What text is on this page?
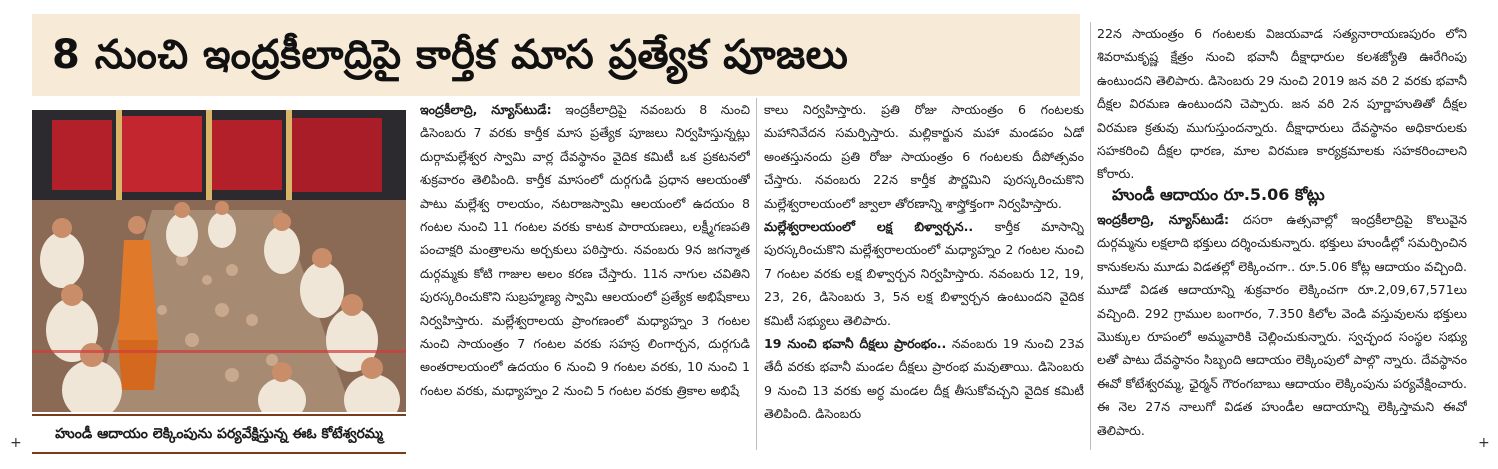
8 నుంచి ఇంద్రకీలాద్రిపై కార్తీక మాస ప్రత్యేక పూజలు
హుండీ ఆదాయం లెక్కింపును పర్యవేక్షిస్తున్న ఈఓ కోటేశ్వరమ్మ

ఇంద్రకీలాద్రి, న్యూస్‌టుడే: ఇంద్రకీలాద్రిపై నవంబరు 8 నుంచి డిసెంబరు 7 వరకు కార్తీక మాస ప్రత్యేక పూజలు నిర్వహిస్తున్నట్లు దుర్గామల్లేశ్వర స్వామి వార్ల దేవస్థానం వైదిక కమిటీ ఒక ప్రకటనలో శుక్రవారం తెలిపింది. కార్తీక మాసంలో దుర్గగుడి ప్రధాన ఆలయంతో పాటు మల్లేశ్వ రాలయం, నటరాజస్వామి ఆలయంలో ఉదయం 8 గంటల నుంచి 11 గంటల వరకు కాటక పారాయణలు, లక్ష్మీగణపతి పంచాక్షరి మంత్రాలను అర్చకులు పఠిస్తారు. నవంబరు 9న జగన్మాత దుర్గమ్మకు కోటి గాజుల అలం కరణ చేస్తారు. 11న నాగుల చవితిని పురస్కరించుకొని సుబ్రహ్మణ్య స్వామి ఆలయంలో ప్రత్యేక అభిషేకాలు నిర్వహిస్తారు. మల్లేశ్వరాలయ ప్రాంగణంలో మధ్యాహ్నం 3 గంటల నుంచి సాయంత్రం 7 గంటల వరకు సహస్ర లింగార్చన, దుర్గగుడి అంతరాలయంలో ఉదయం 6 నుంచి 9 గంటల వరకు, 10 నుంచి 1 గంటల వరకు, మధ్యాహ్నం 2 నుంచి 5 గంటల వరకు త్రికాల అభిషే

కాలు నిర్వహిస్తారు. ప్రతి రోజు సాయంత్రం 6 గంటలకు మహానివేదన సమర్పిస్తారు. మల్లికార్జున మహా మండపం ఏడో అంతస్తునందు ప్రతి రోజు సాయంత్రం 6 గంటలకు దీపోత్సవం చేస్తారు. నవంబరు 22న కార్తీక పౌర్ణమిని పురస్కరించుకొని మల్లేశ్వరాలయంలో జ్వాలా తోరణాన్ని శాస్త్రోక్తంగా నిర్వహిస్తారు.

మల్లేశ్వరాలయంలో లక్ష బిళ్వార్చన.. కార్తీక మాసాన్ని పురస్కరించుకొని మల్లేశ్వరాలయంలో మధ్యాహ్నం 2 గంటల నుంచి 7 గంటల వరకు లక్ష బిళ్వార్చన నిర్వహిస్తారు. నవంబరు 12, 19, 23, 26, డిసెంబరు 3, 5న లక్ష బిళ్వార్చన ఉంటుందని వైదిక కమిటీ సభ్యులు తెలిపారు.

19 నుంచి భవానీ దీక్షలు ప్రారంభం.. నవంబరు 19 నుంచి 23వ తేదీ వరకు భవానీ మండల దీక్షలు ప్రారంభ మవుతాయి. డిసెంబరు 9 నుంచి 13 వరకు అర్ధ మండల దీక్ష తీసుకోవచ్చని వైదిక కమిటీ తెలిపింది. డిసెంబరు

22న సాయంత్రం 6 గంటలకు విజయవాడ సత్యనారాయణపురం లోని శివరామకృష్ణ క్షేత్రం నుంచి భవానీ దీక్షాధారుల కలశజ్యోతి ఊరేగింపు ఉంటుందని తెలిపారు. డిసెంబరు 29 నుంచి 2019 జన వరి 2 వరకు భవానీ దీక్షల విరమణ ఉంటుందని చెప్పారు. జన వరి 2న పూర్ణాహుతితో దీక్షల విరమణ క్రతువు ముగుస్తుందన్నారు. దీక్షాధారులు దేవస్థానం అధికారులకు సహకరించి దీక్షల ధారణ, మాల విరమణ కార్యక్రమాలకు సహకరించాలని కోరారు.

హుండీ ఆదాయం రూ.5.06 కోట్లు

ఇంద్రకీలాద్రి, న్యూస్‌టుడే: దసరా ఉత్సవాల్లో ఇంద్రకీలాద్రిపై కొలువైన దుర్గమ్మను లక్షలాది భక్తులు దర్శించుకున్నారు. భక్తులు హుండీల్లో సమర్పించిన కానుకలను మూడు విడతల్లో లెక్కించగా.. రూ.5.06 కోట్ల ఆదాయం వచ్చింది. మూడో విడత ఆదాయాన్ని శుక్రవారం లెక్కించగా రూ.2,09,67,571లు వచ్చింది. 292 గ్రాముల బంగారం, 7.350 కిలోల వెండి వస్తువులను భక్తులు మొక్కుల రూపంలో అమ్మవారికి చెల్లించుకున్నారు. స్వచ్ఛంద సంస్థల సభ్యు లతో పాటు దేవస్థానం సిబ్బంది ఆదాయం లెక్కింపులో పాల్గొ న్నారు. దేవస్థానం ఈవో కోటేశ్వరమ్మ, ఛైర్మన్ గౌరంగబాబు ఆదాయం లెక్కింపును పర్యవేక్షించారు. ఈ నెల 27న నాలుగో విడత హుండీల ఆదాయాన్ని లెక్కిస్తామని ఈవో తెలిపారు.

+	+
